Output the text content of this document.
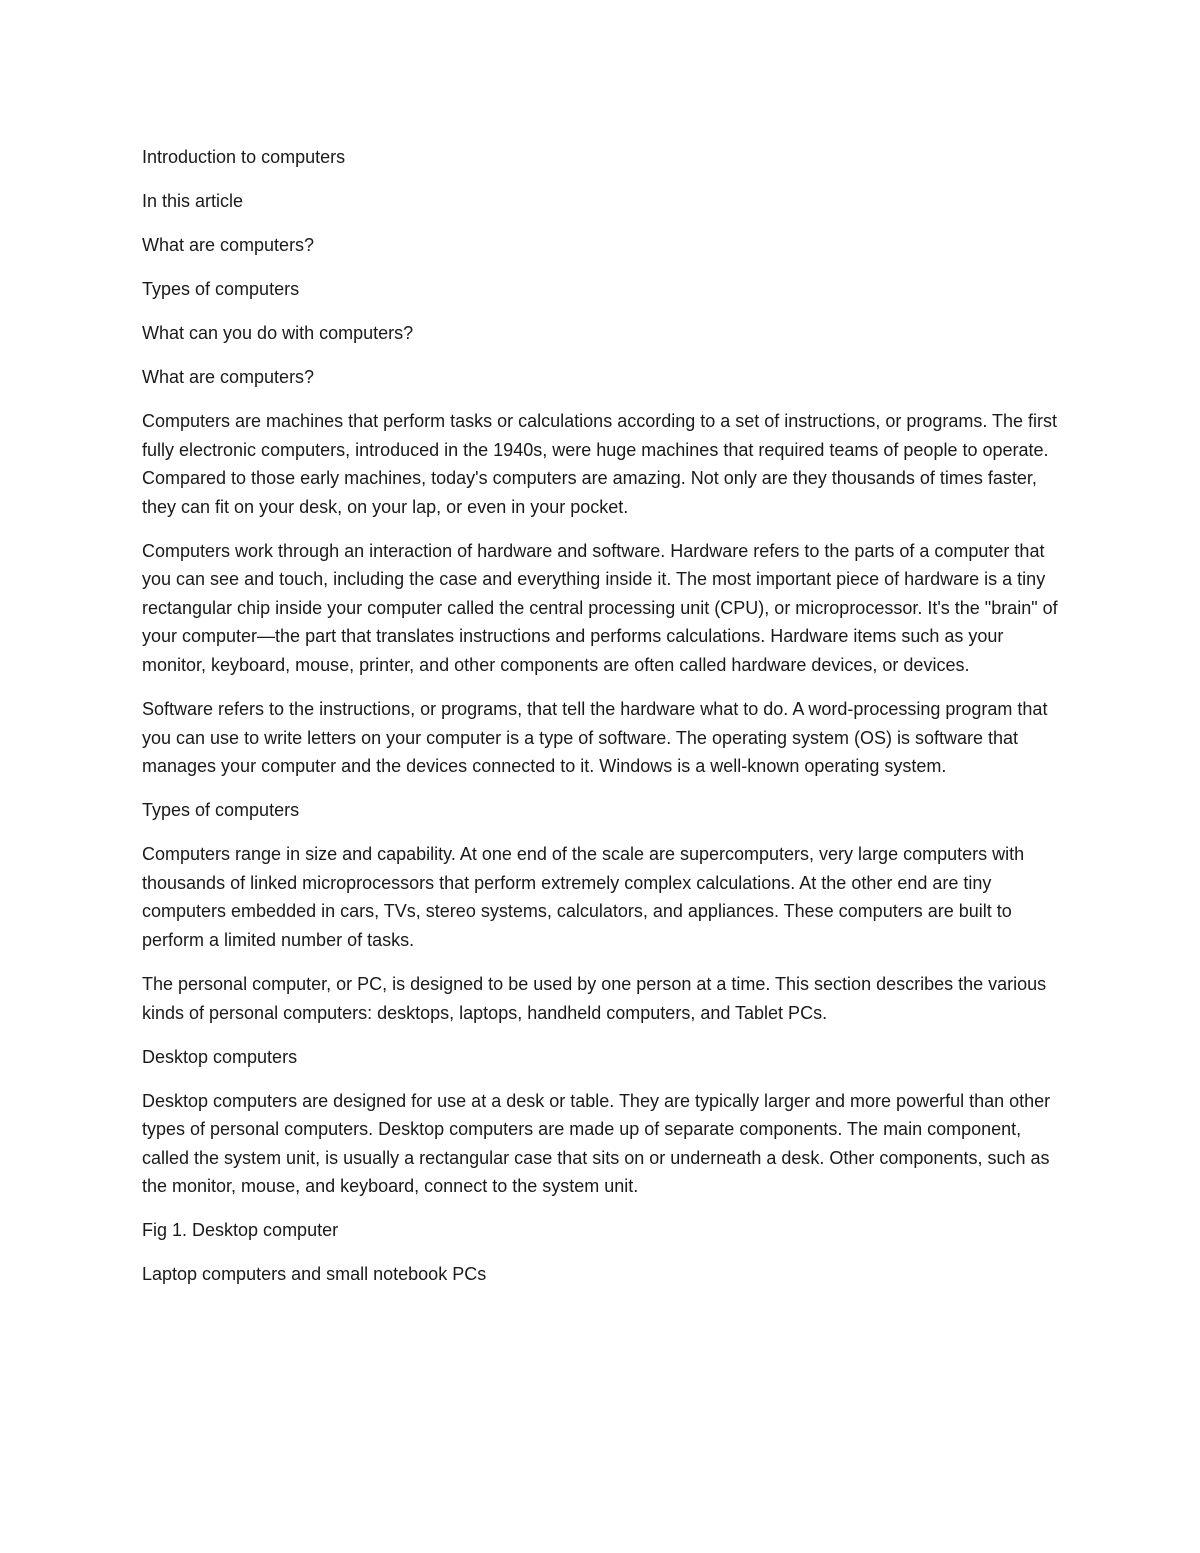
Introduction to computers

In this article

What are computers?

Types of computers

What can you do with computers?

What are computers?

Computers are machines that perform tasks or calculations according to a set of instructions, or programs. The first fully electronic computers, introduced in the 1940s, were huge machines that required teams of people to operate. Compared to those early machines, today's computers are amazing. Not only are they thousands of times faster, they can fit on your desk, on your lap, or even in your pocket.

Computers work through an interaction of hardware and software. Hardware refers to the parts of a computer that you can see and touch, including the case and everything inside it. The most important piece of hardware is a tiny rectangular chip inside your computer called the central processing unit (CPU), or microprocessor. It's the "brain" of your computer—the part that translates instructions and performs calculations. Hardware items such as your monitor, keyboard, mouse, printer, and other components are often called hardware devices, or devices.

Software refers to the instructions, or programs, that tell the hardware what to do. A word-processing program that you can use to write letters on your computer is a type of software. The operating system (OS) is software that manages your computer and the devices connected to it. Windows is a well-known operating system.

Types of computers

Computers range in size and capability. At one end of the scale are supercomputers, very large computers with thousands of linked microprocessors that perform extremely complex calculations. At the other end are tiny computers embedded in cars, TVs, stereo systems, calculators, and appliances. These computers are built to perform a limited number of tasks.

The personal computer, or PC, is designed to be used by one person at a time. This section describes the various kinds of personal computers: desktops, laptops, handheld computers, and Tablet PCs.

Desktop computers

Desktop computers are designed for use at a desk or table. They are typically larger and more powerful than other types of personal computers. Desktop computers are made up of separate components. The main component, called the system unit, is usually a rectangular case that sits on or underneath a desk. Other components, such as the monitor, mouse, and keyboard, connect to the system unit.

Fig 1. Desktop computer

Laptop computers and small notebook PCs
